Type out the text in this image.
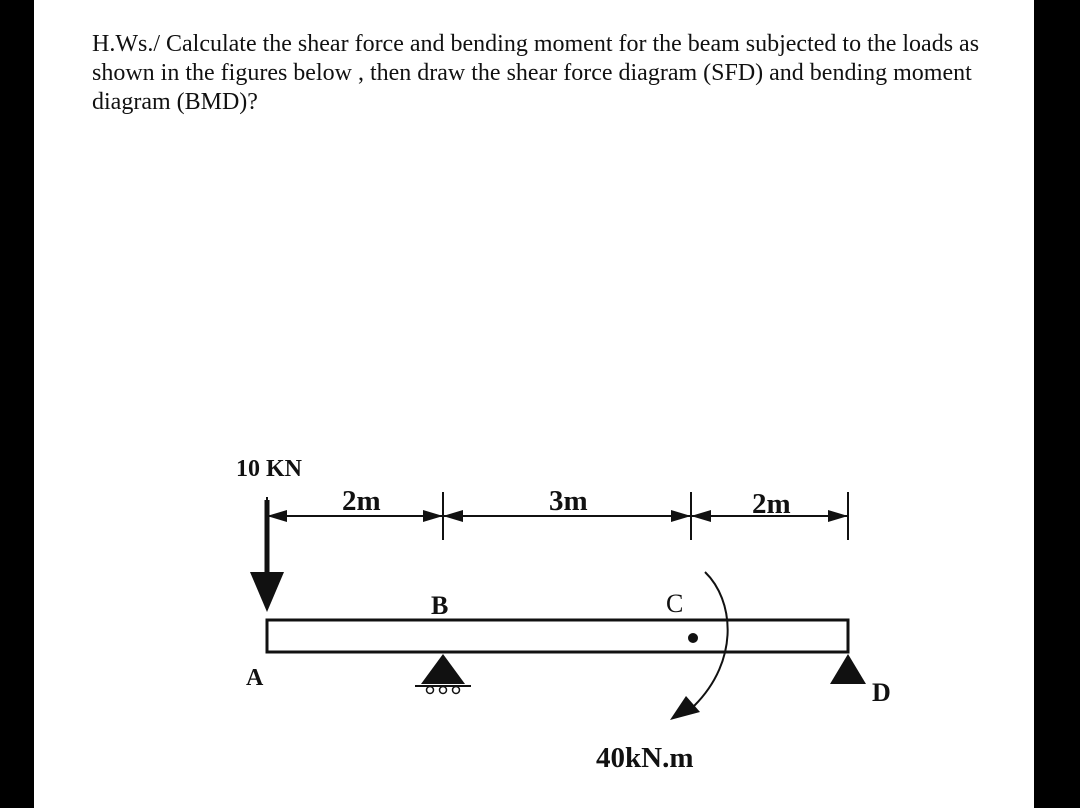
H.Ws./ Calculate the shear force and bending moment for the beam subjected to the loads as shown in the figures below , then draw the shear force diagram (SFD) and bending moment diagram (BMD)?

10 KN
2m	3m	2m
A
B	C
D
40kN.m
